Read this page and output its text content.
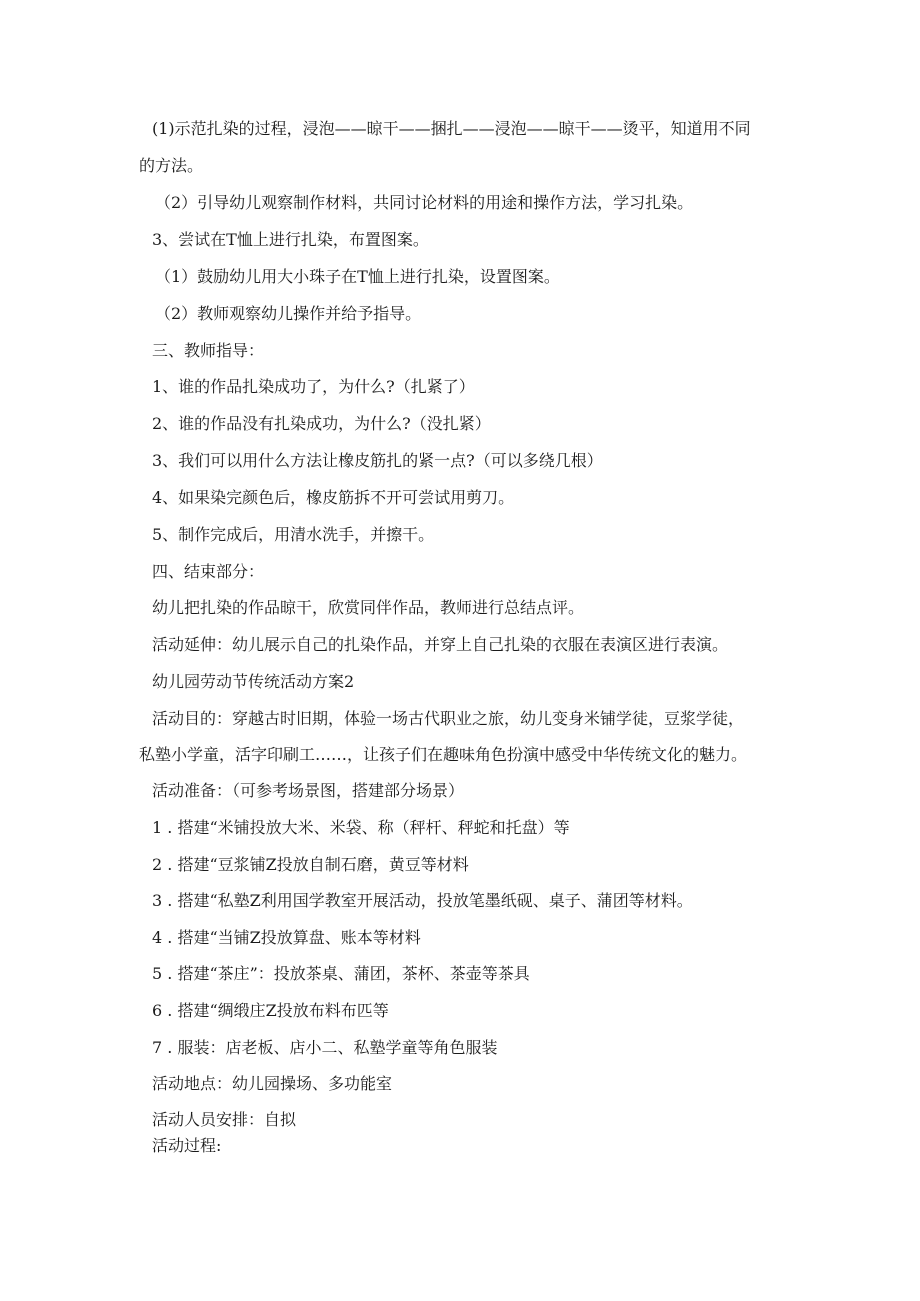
(1)示范扎染的过程，浸泡——晾干——捆扎——浸泡——晾干——烫平，知道用不同

的方法。

（2）引导幼儿观察制作材料，共同讨论材料的用途和操作方法，学习扎染。

3、尝试在T恤上进行扎染，布置图案。

（1）鼓励幼儿用大小珠子在T恤上进行扎染，设置图案。

（2）教师观察幼儿操作并给予指导。

三、教师指导：

1、谁的作品扎染成功了，为什么?（扎紧了）

2、谁的作品没有扎染成功，为什么?（没扎紧）

3、我们可以用什么方法让橡皮筋扎的紧一点?（可以多绕几根）

4、如果染完颜色后，橡皮筋拆不开可尝试用剪刀。

5、制作完成后，用清水洗手，并擦干。

四、结束部分：

幼儿把扎染的作品晾干，欣赏同伴作品，教师进行总结点评。

活动延伸：幼儿展示自己的扎染作品，并穿上自己扎染的衣服在表演区进行表演。

幼儿园劳动节传统活动方案2

活动目的：穿越古时旧期，体验一场古代职业之旅，幼儿变身米铺学徒，豆浆学徒，

私塾小学童，活字印刷工……，让孩子们在趣味角色扮演中感受中华传统文化的魅力。

活动准备：（可参考场景图，搭建部分场景）

1 . 搭建“米铺投放大米、米袋、称（秤杆、秤蛇和托盘）等

2 . 搭建“豆浆铺Z投放自制石磨，黄豆等材料

3 . 搭建“私塾Z利用国学教室开展活动，投放笔墨纸砚、桌子、蒲团等材料。

4 . 搭建“当铺Z投放算盘、账本等材料

5 . 搭建“茶庄”：投放茶桌、蒲团，茶杯、茶壶等茶具

6 . 搭建“绸缎庄Z投放布料布匹等

7 . 服装：店老板、店小二、私塾学童等角色服装

活动地点：幼儿园操场、多功能室

活动人员安排：自拟

活动过程:
